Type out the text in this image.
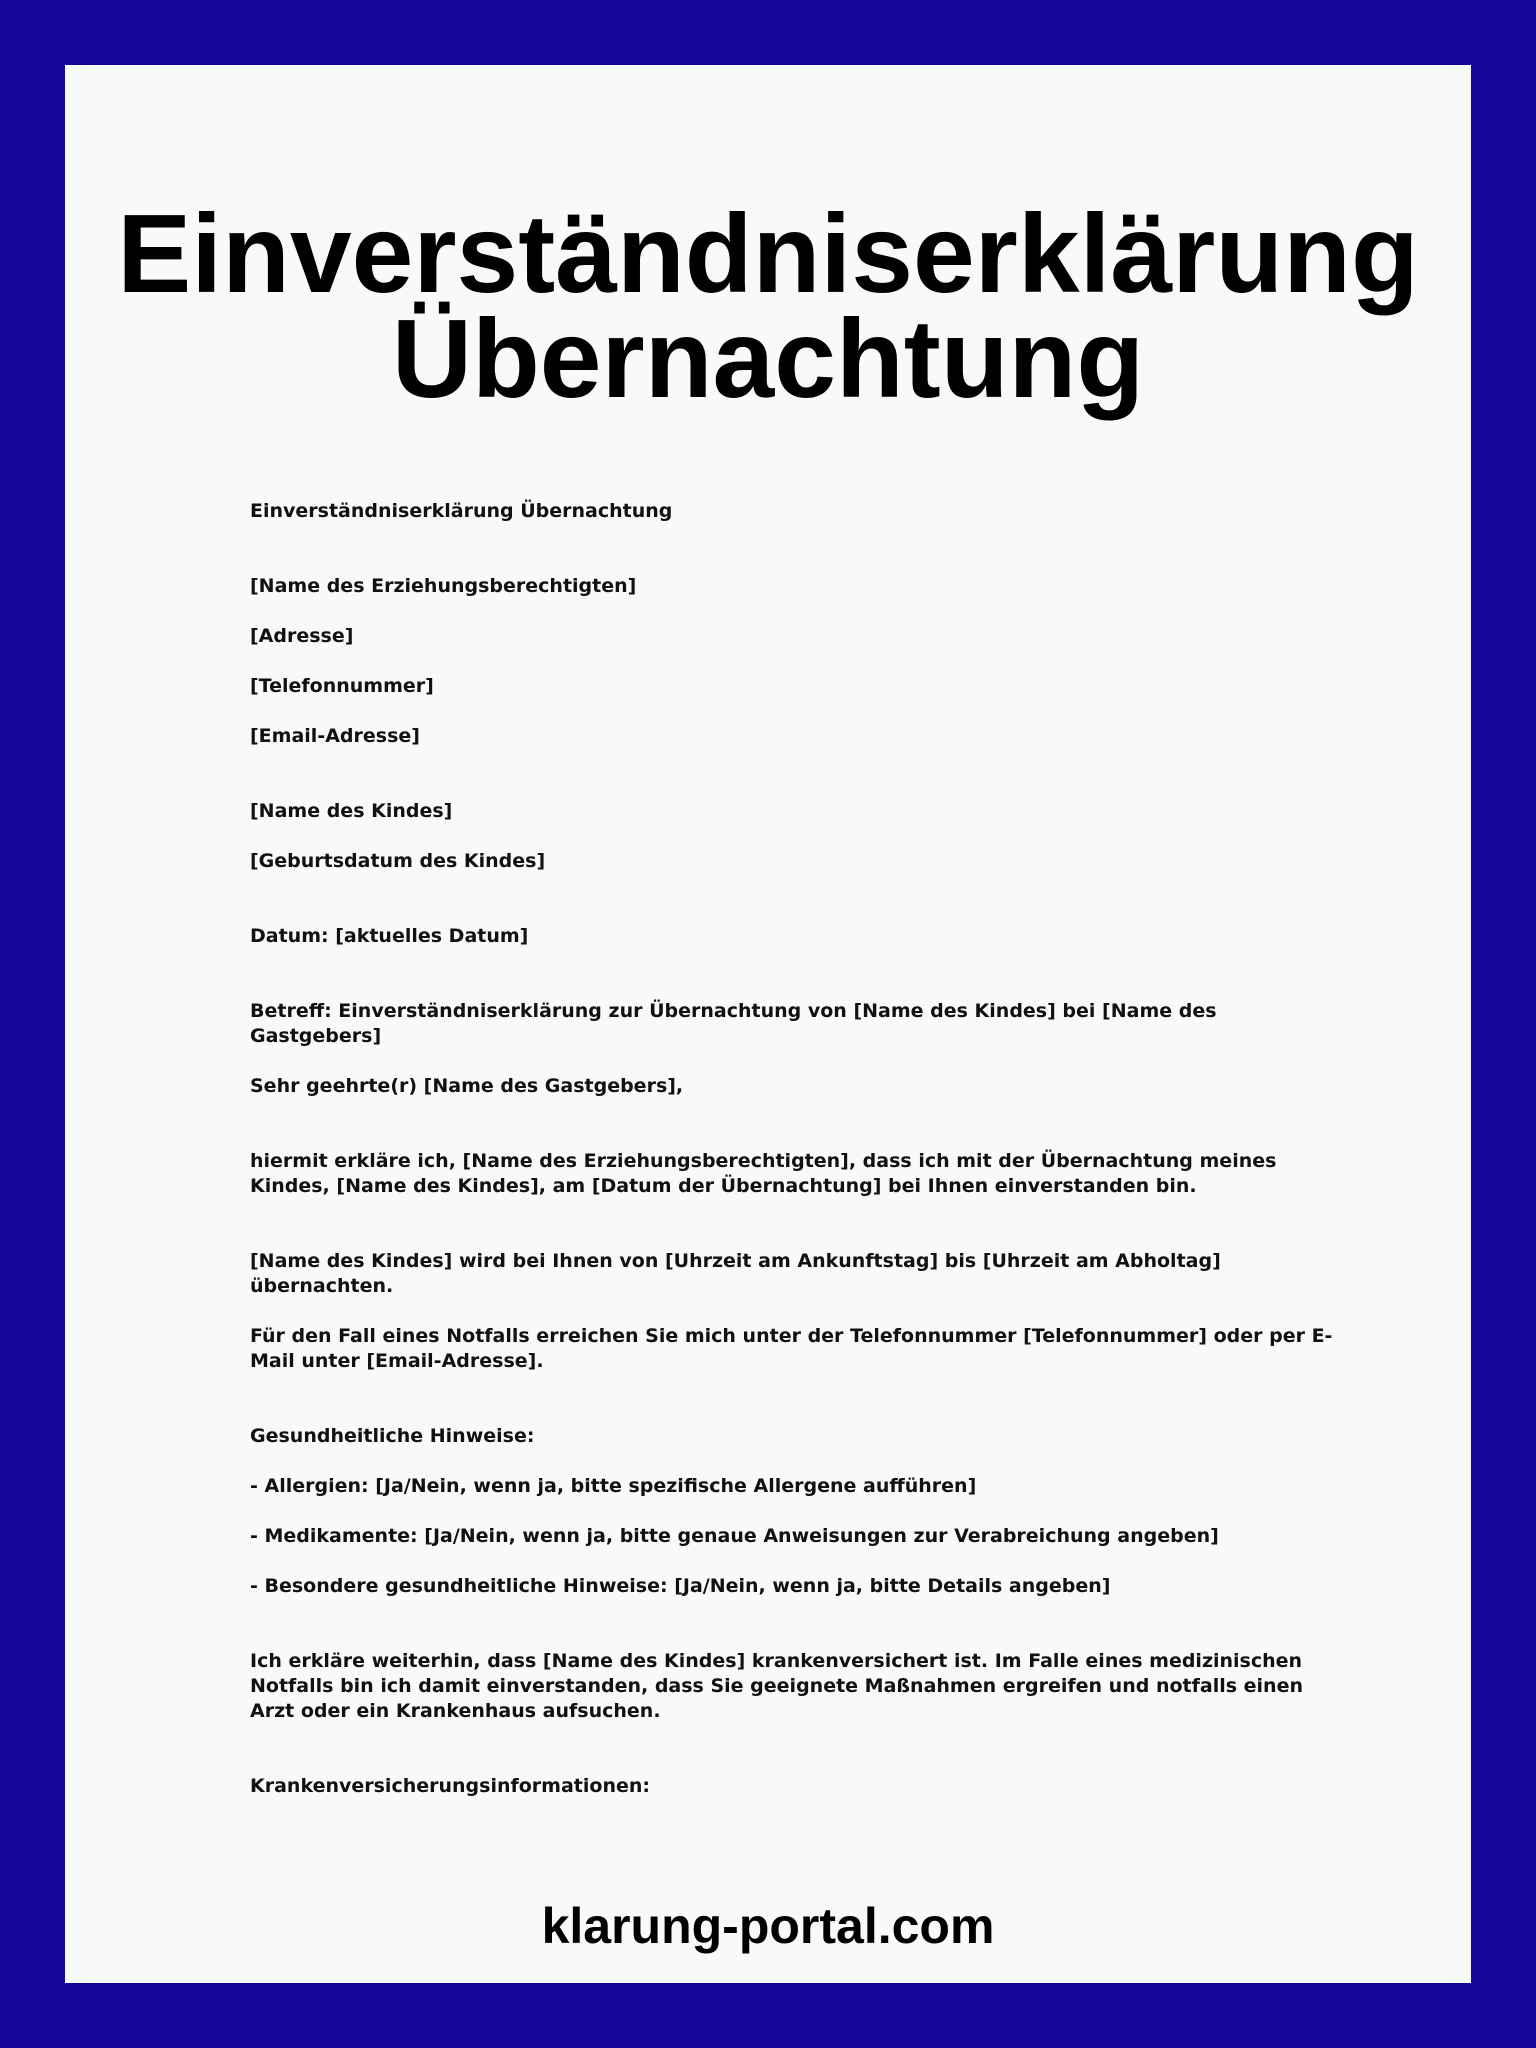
Einverständniserklärung
Übernachtung

Einverständniserklärung Übernachtung

[Name des Erziehungsberechtigten]

[Adresse]

[Telefonnummer]

[Email-Adresse]

[Name des Kindes]

[Geburtsdatum des Kindes]

Datum: [aktuelles Datum]

Betreff: Einverständniserklärung zur Übernachtung von [Name des Kindes] bei [Name des Gastgebers]

Sehr geehrte(r) [Name des Gastgebers],

hiermit erkläre ich, [Name des Erziehungsberechtigten], dass ich mit der Übernachtung meines Kindes, [Name des Kindes], am [Datum der Übernachtung] bei Ihnen einverstanden bin.

[Name des Kindes] wird bei Ihnen von [Uhrzeit am Ankunftstag] bis [Uhrzeit am Abholtag] übernachten.

Für den Fall eines Notfalls erreichen Sie mich unter der Telefonnummer [Telefonnummer] oder per E-Mail unter [Email-Adresse].

Gesundheitliche Hinweise:

- Allergien: [Ja/Nein, wenn ja, bitte spezifische Allergene aufführen]

- Medikamente: [Ja/Nein, wenn ja, bitte genaue Anweisungen zur Verabreichung angeben]

- Besondere gesundheitliche Hinweise: [Ja/Nein, wenn ja, bitte Details angeben]

Ich erkläre weiterhin, dass [Name des Kindes] krankenversichert ist. Im Falle eines medizinischen Notfalls bin ich damit einverstanden, dass Sie geeignete Maßnahmen ergreifen und notfalls einen Arzt oder ein Krankenhaus aufsuchen.

Krankenversicherungsinformationen:

klarung-portal.com
